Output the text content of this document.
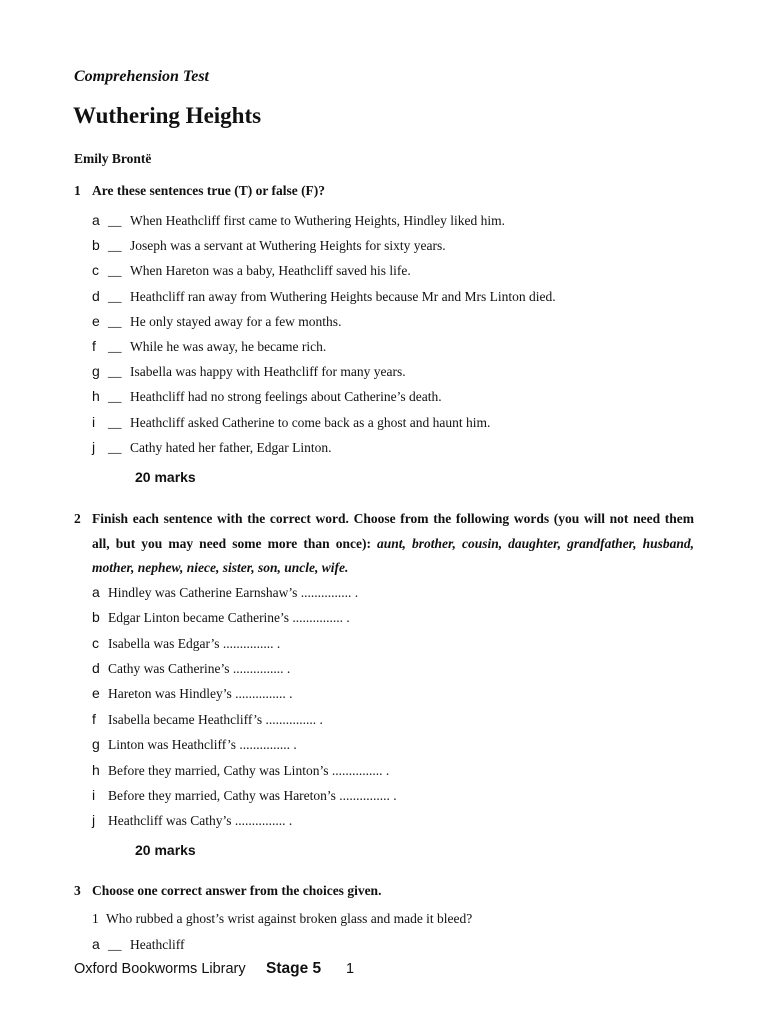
Comprehension Test
Wuthering Heights
Emily Brontë
1 Are these sentences true (T) or false (F)?
a __ When Heathcliff first came to Wuthering Heights, Hindley liked him.
b __ Joseph was a servant at Wuthering Heights for sixty years.
c __ When Hareton was a baby, Heathcliff saved his life.
d __ Heathcliff ran away from Wuthering Heights because Mr and Mrs Linton died.
e __ He only stayed away for a few months.
f __ While he was away, he became rich.
g __ Isabella was happy with Heathcliff for many years.
h __ Heathcliff had no strong feelings about Catherine’s death.
i __ Heathcliff asked Catherine to come back as a ghost and haunt him.
j __ Cathy hated her father, Edgar Linton.
20 marks
2 Finish each sentence with the correct word. Choose from the following words (you will not need them all, but you may need some more than once): aunt, brother, cousin, daughter, grandfather, husband, mother, nephew, niece, sister, son, uncle, wife.
a Hindley was Catherine Earnshaw’s ............... .
b Edgar Linton became Catherine’s ............... .
c Isabella was Edgar’s ............... .
d Cathy was Catherine’s ............... .
e Hareton was Hindley’s ............... .
f Isabella became Heathcliff’s ............... .
g Linton was Heathcliff’s ............... .
h Before they married, Cathy was Linton’s ............... .
i Before they married, Cathy was Hareton’s ............... .
j Heathcliff was Cathy’s ............... .
20 marks
3 Choose one correct answer from the choices given.
1 Who rubbed a ghost’s wrist against broken glass and made it bleed?
a __ Heathcliff
Oxford Bookworms Library Stage 5 1
